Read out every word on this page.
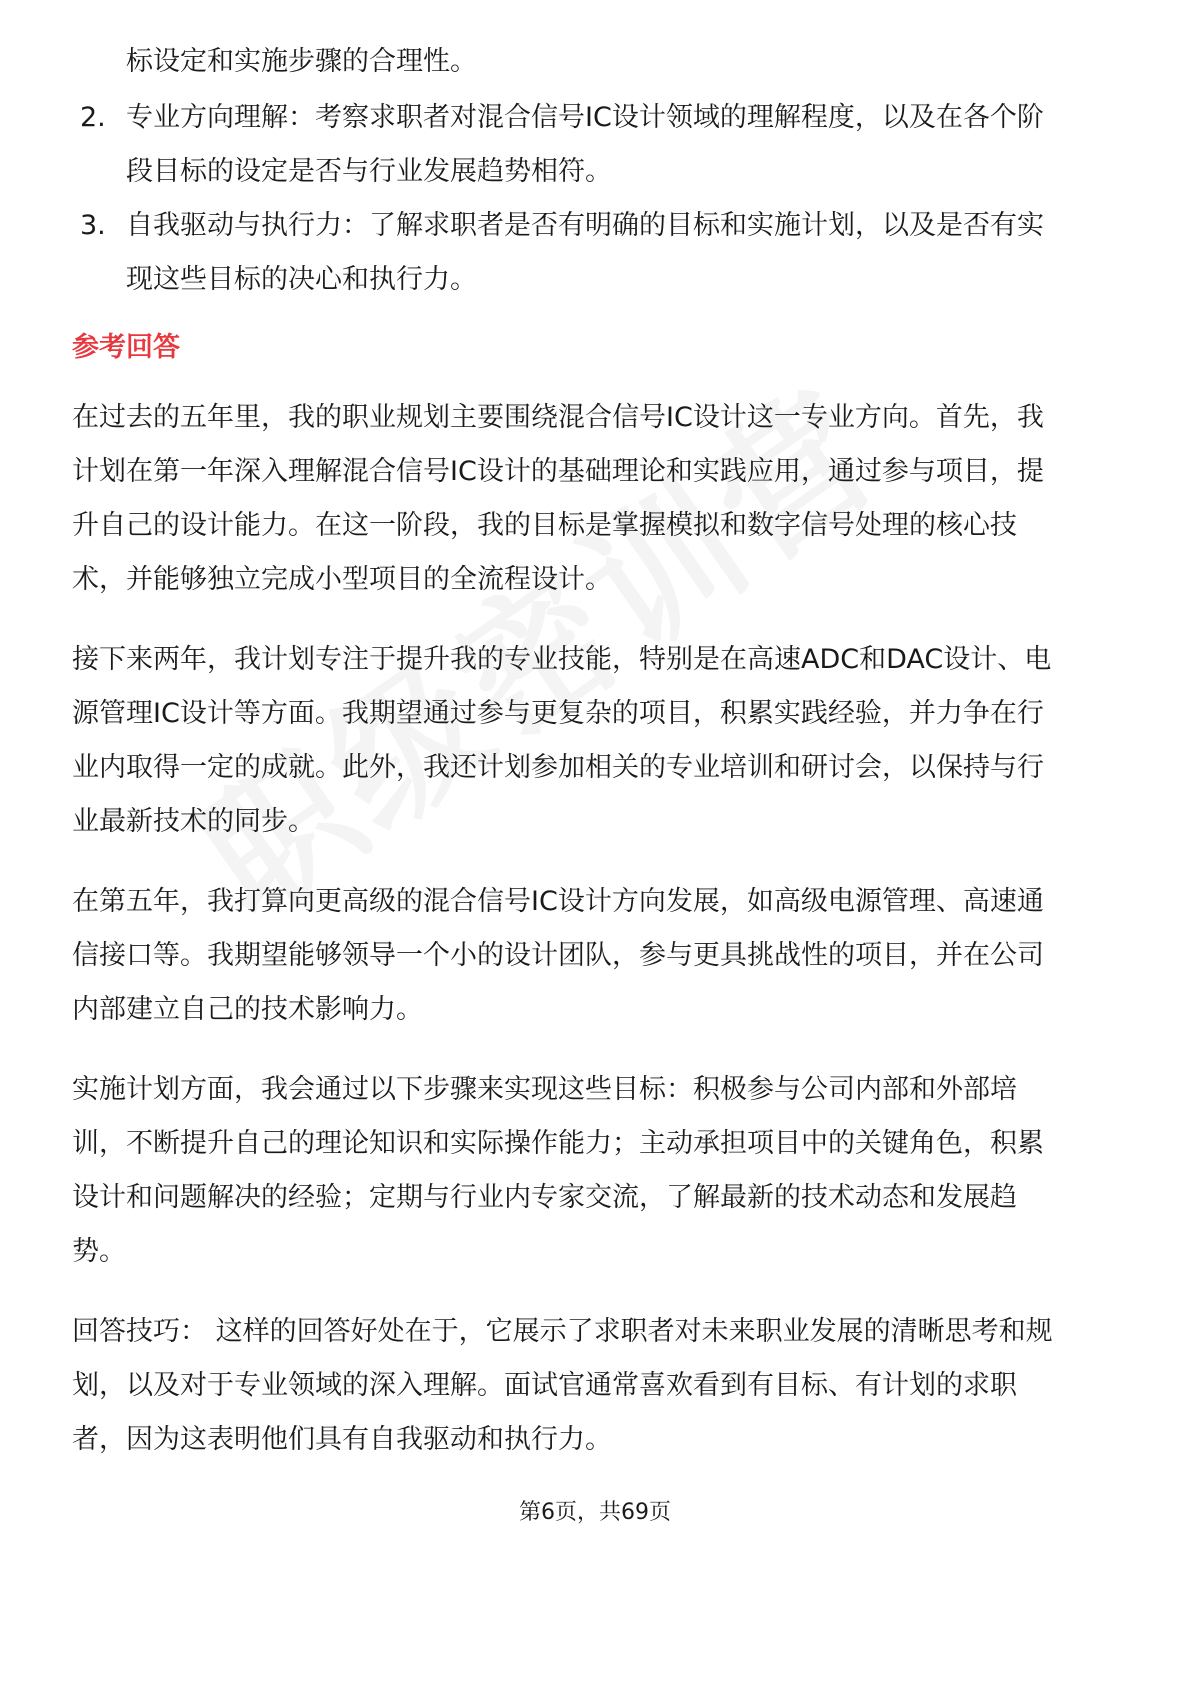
标设定和实施步骤的合理性。
2. 专业方向理解：考察求职者对混合信号IC设计领域的理解程度，以及在各个阶
段目标的设定是否与行业发展趋势相符。
3. 自我驱动与执行力：了解求职者是否有明确的目标和实施计划，以及是否有实
现这些目标的决心和执行力。
参考回答
在过去的五年里，我的职业规划主要围绕混合信号IC设计这一专业方向。首先，我
计划在第一年深入理解混合信号IC设计的基础理论和实践应用，通过参与项目，提
升自己的设计能力。在这一阶段，我的目标是掌握模拟和数字信号处理的核心技
术，并能够独立完成小型项目的全流程设计。
接下来两年，我计划专注于提升我的专业技能，特别是在高速ADC和DAC设计、电
源管理IC设计等方面。我期望通过参与更复杂的项目，积累实践经验，并力争在行
业内取得一定的成就。此外，我还计划参加相关的专业培训和研讨会，以保持与行
业最新技术的同步。
在第五年，我打算向更高级的混合信号IC设计方向发展，如高级电源管理、高速通
信接口等。我期望能够领导一个小的设计团队，参与更具挑战性的项目，并在公司
内部建立自己的技术影响力。
实施计划方面，我会通过以下步骤来实现这些目标：积极参与公司内部和外部培
训，不断提升自己的理论知识和实际操作能力；主动承担项目中的关键角色，积累
设计和问题解决的经验；定期与行业内专家交流，了解最新的技术动态和发展趋
势。
回答技巧： 这样的回答好处在于，它展示了求职者对未来职业发展的清晰思考和规
划，以及对于专业领域的深入理解。面试官通常喜欢看到有目标、有计划的求职
者，因为这表明他们具有自我驱动和执行力。
第6页，共69页
